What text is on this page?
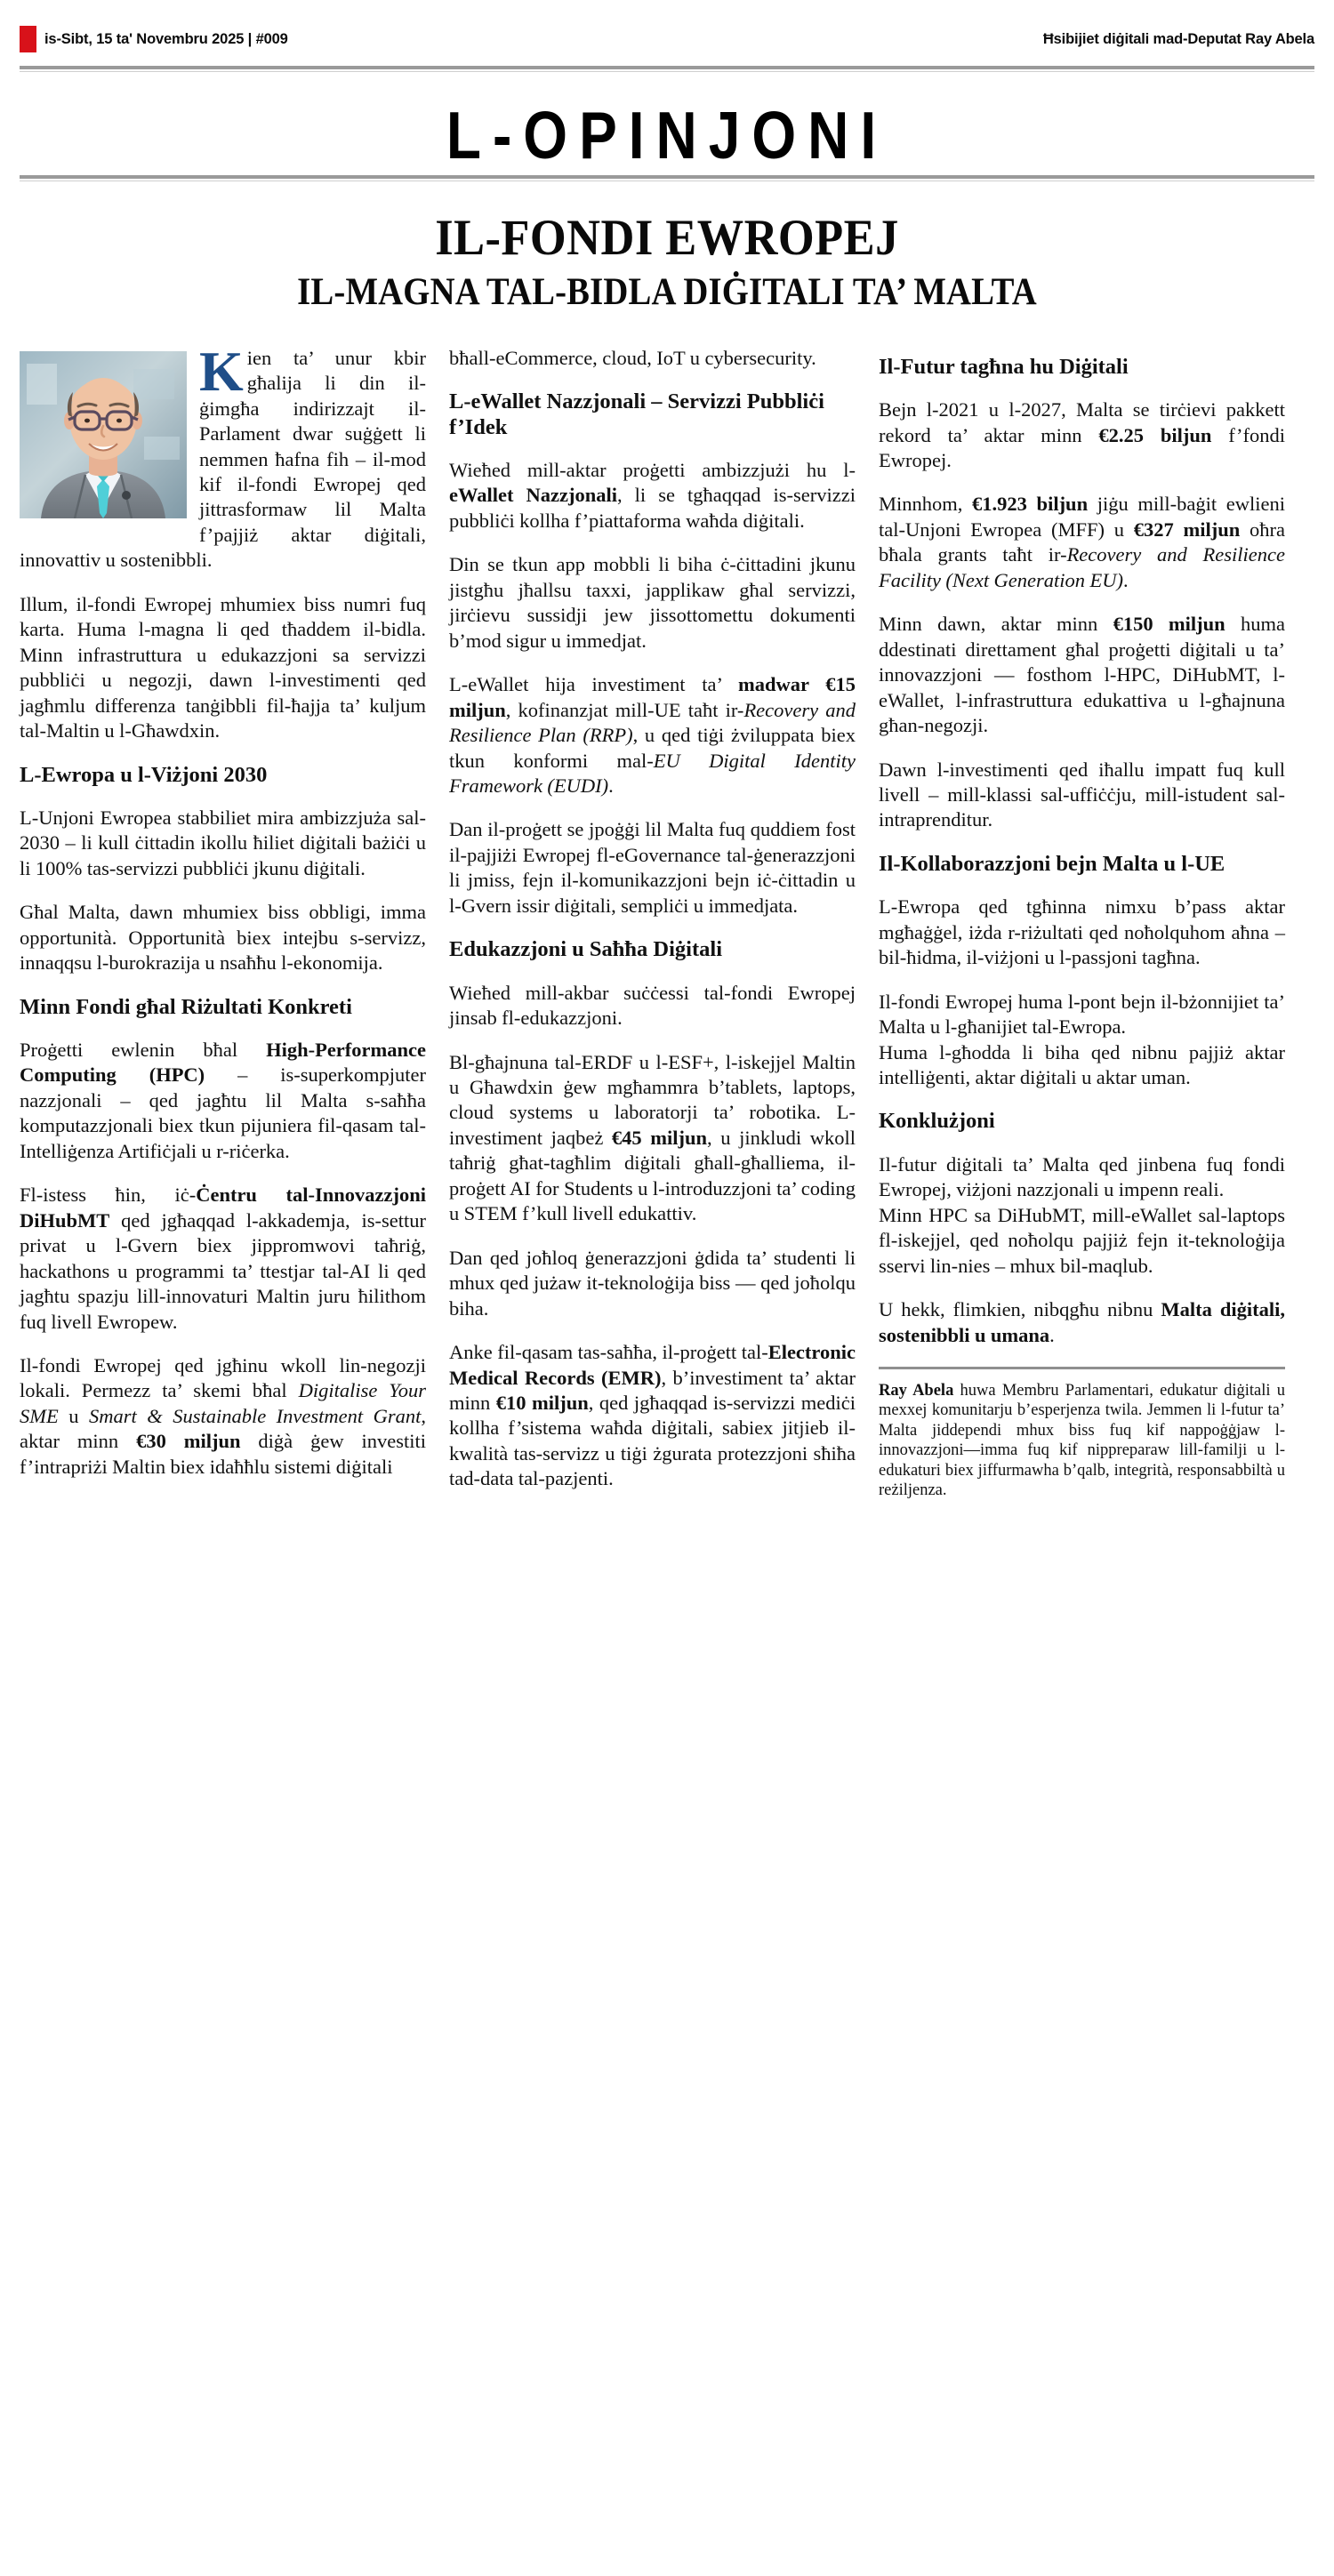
is-Sibt, 15 ta' Novembru 2025 | #009	Ħsibijiet diġitali mad-Deputat Ray Abela
L-OPINJONI
IL-FONDI EWROPEJ
IL-MAGNA TAL-BIDLA DIĠITALI TA’ MALTA

Kien ta’ unur kbir għalija li din il-ġimgħa indirizzajt il-Parlament dwar suġġett li nemmen ħafna fih – il-mod kif il-fondi Ewropej qed jittrasformaw lil Malta f’pajjiż aktar diġitali, innovattiv u sostenibbli.

Illum, il-fondi Ewropej mhumiex biss numri fuq karta. Huma l-magna li qed tħaddem il-bidla. Minn infrastruttura u edukazzjoni sa servizzi pubbliċi u negozji, dawn l-investimenti qed jagħmlu differenza tanġibbli fil-ħajja ta’ kuljum tal-Maltin u l-Għawdxin.

L-Ewropa u l-Viżjoni 2030

L-Unjoni Ewropea stabbiliet mira ambizzjuża sal-2030 – li kull ċittadin ikollu ħiliet diġitali bażiċi u li 100% tas-servizzi pubbliċi jkunu diġitali.

Għal Malta, dawn mhumiex biss obbligi, imma opportunità. Opportunità biex intejbu s-servizz, innaqqsu l-burokrazija u nsaħħu l-ekonomija.

Minn Fondi għal Riżultati Konkreti

Proġetti ewlenin bħal High-Performance Computing (HPC) – is-superkompjuter nazzjonali – qed jagħtu lil Malta s-saħħa komputazzjonali biex tkun pijuniera fil-qasam tal-Intelliġenza Artifiċjali u r-riċerka.

Fl-istess ħin, iċ-Ċentru tal-Innovazzjoni DiHubMT qed jgħaqqad l-akkademja, is-settur privat u l-Gvern biex jippromwovi taħriġ, hackathons u programmi ta’ ttestjar tal-AI li qed jagħtu spazju lill-innovaturi Maltin juru ħilithom fuq livell Ewropew.

Il-fondi Ewropej qed jgħinu wkoll lin-negozji lokali. Permezz ta’ skemi bħal Digitalise Your SME u Smart & Sustainable Investment Grant, aktar minn €30 miljun diġà ġew investiti f’intrapriżi Maltin biex idaħħlu sistemi diġitali

bħall-eCommerce, cloud, IoT u cybersecurity.

L-eWallet Nazzjonali – Servizzi Pubbliċi f’Idek

Wieħed mill-aktar proġetti ambizzjużi hu l-eWallet Nazzjonali, li se tgħaqqad is-servizzi pubbliċi kollha f’piattaforma waħda diġitali.

Din se tkun app mobbli li biha ċ-ċittadini jkunu jistgħu jħallsu taxxi, japplikaw għal servizzi, jirċievu sussidji jew jissottomettu dokumenti b’mod sigur u immedjat.

L-eWallet hija investiment ta’ madwar €15 miljun, kofinanzjat mill-UE taħt ir-Recovery and Resilience Plan (RRP), u qed tiġi żviluppata biex tkun konformi mal-EU Digital Identity Framework (EUDI).

Dan il-proġett se jpoġġi lil Malta fuq quddiem fost il-pajjiżi Ewropej fl-eGovernance tal-ġenerazzjoni li jmiss, fejn il-komunikazzjoni bejn iċ-ċittadin u l-Gvern issir diġitali, sempliċi u immedjata.

Edukazzjoni u Saħħa Diġitali

Wieħed mill-akbar suċċessi tal-fondi Ewropej jinsab fl-edukazzjoni.

Bl-għajnuna tal-ERDF u l-ESF+, l-iskejjel Maltin u Għawdxin ġew mgħammra b’tablets, laptops, cloud systems u laboratorji ta’ robotika. L-investiment jaqbeż €45 miljun, u jinkludi wkoll taħriġ għat-tagħlim diġitali għall-għalliema, il-proġett AI for Students u l-introduzzjoni ta’ coding u STEM f’kull livell edukattiv.

Dan qed joħloq ġenerazzjoni ġdida ta’ studenti li mhux qed jużaw it-teknoloġija biss — qed joħolqu biha.

Anke fil-qasam tas-saħħa, il-proġett tal-Electronic Medical Records (EMR), b’investiment ta’ aktar minn €10 miljun, qed jgħaqqad is-servizzi mediċi kollha f’sistema waħda diġitali, sabiex jitjieb il-kwalità tas-servizz u tiġi żgurata protezzjoni sħiħa tad-data tal-pazjenti.

Il-Futur tagħna hu Diġitali

Bejn l-2021 u l-2027, Malta se tirċievi pakkett rekord ta’ aktar minn €2.25 biljun f’fondi Ewropej.

Minnhom, €1.923 biljun jiġu mill-baġit ewlieni tal-Unjoni Ewropea (MFF) u €327 miljun oħra bħala grants taħt ir-Recovery and Resilience Facility (Next Generation EU).

Minn dawn, aktar minn €150 miljun huma ddestinati direttament għal proġetti diġitali u ta’ innovazzjoni — fosthom l-HPC, DiHubMT, l-eWallet, l-infrastruttura edukattiva u l-għajnuna għan-negozji.

Dawn l-investimenti qed iħallu impatt fuq kull livell – mill-klassi sal-uffiċċju, mill-istudent sal-intraprenditur.

Il-Kollaborazzjoni bejn Malta u l-UE

L-Ewropa qed tgħinna nimxu b’pass aktar mgħaġġel, iżda r-riżultati qed noħolquhom aħna – bil-ħidma, il-viżjoni u l-passjoni tagħna.

Il-fondi Ewropej huma l-pont bejn il-bżonnijiet ta’ Malta u l-għanijiet tal-Ewropa.
Huma l-għodda li biha qed nibnu pajjiż aktar intelliġenti, aktar diġitali u aktar uman.

Konklużjoni

Il-futur diġitali ta’ Malta qed jinbena fuq fondi Ewropej, viżjoni nazzjonali u impenn reali.
Minn HPC sa DiHubMT, mill-eWallet sal-laptops fl-iskejjel, qed noħolqu pajjiż fejn it-teknoloġija sservi lin-nies – mhux bil-maqlub.

U hekk, flimkien, nibqgħu nibnu Malta diġitali, sostenibbli u umana.

Ray Abela huwa Membru Parlamentari, edukatur diġitali u mexxej komunitarju b’esperjenza twila. Jemmen li l-futur ta’ Malta jiddependi mhux biss fuq kif nappoġġjaw l-innovazzjoni—imma fuq kif nippreparaw lill-familji u l-edukaturi biex jiffurmawha b’qalb, integrità, responsabbiltà u reżiljenza.
